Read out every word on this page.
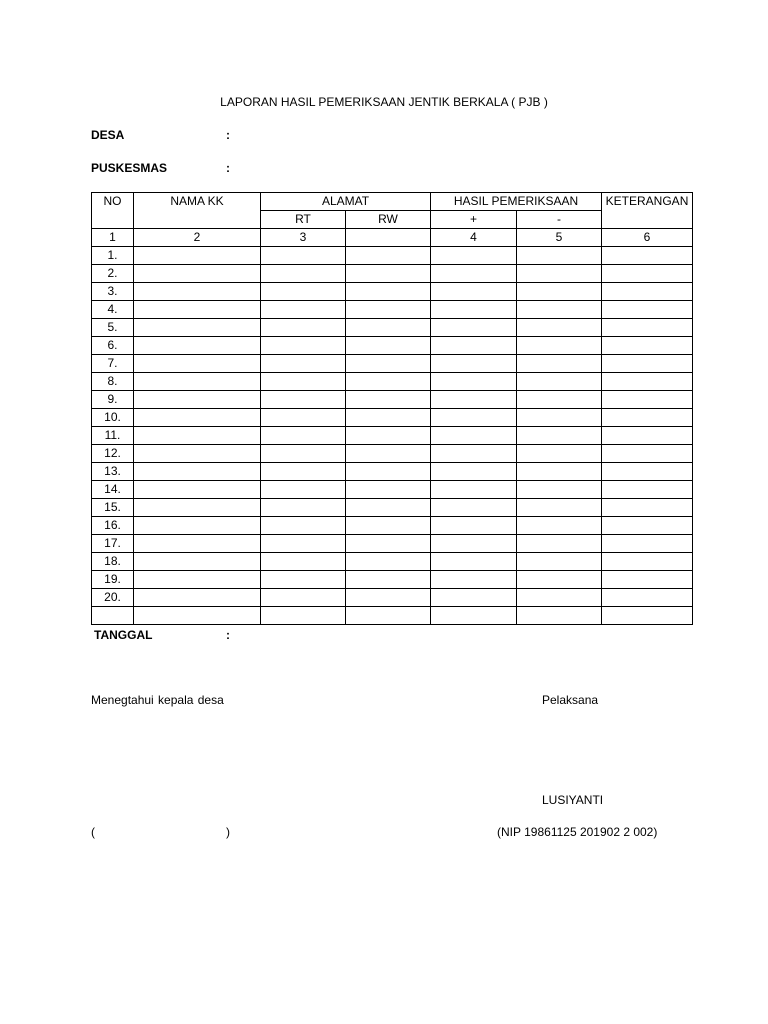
LAPORAN HASIL PEMERIKSAAN JENTIK BERKALA ( PJB )
DESA	:
PUSKESMAS	:
NO	NAMA KK	ALAMAT		HASIL PEMERIKSAAN		KETERANGAN
		RT	RW	+	-	
1	2	3		4	5	6
1.						
2.						
3.						
4.						
5.						
6.						
7.						
8.						
9.						
10.						
11.						
12.						
13.						
14.						
15.						
16.						
17.						
18.						
19.						
20.						

TANGGAL	:
Menegtahui kepala desa	Pelaksana
LUSIYANTI
(	)	(NIP 19861125 201902 2 002)
